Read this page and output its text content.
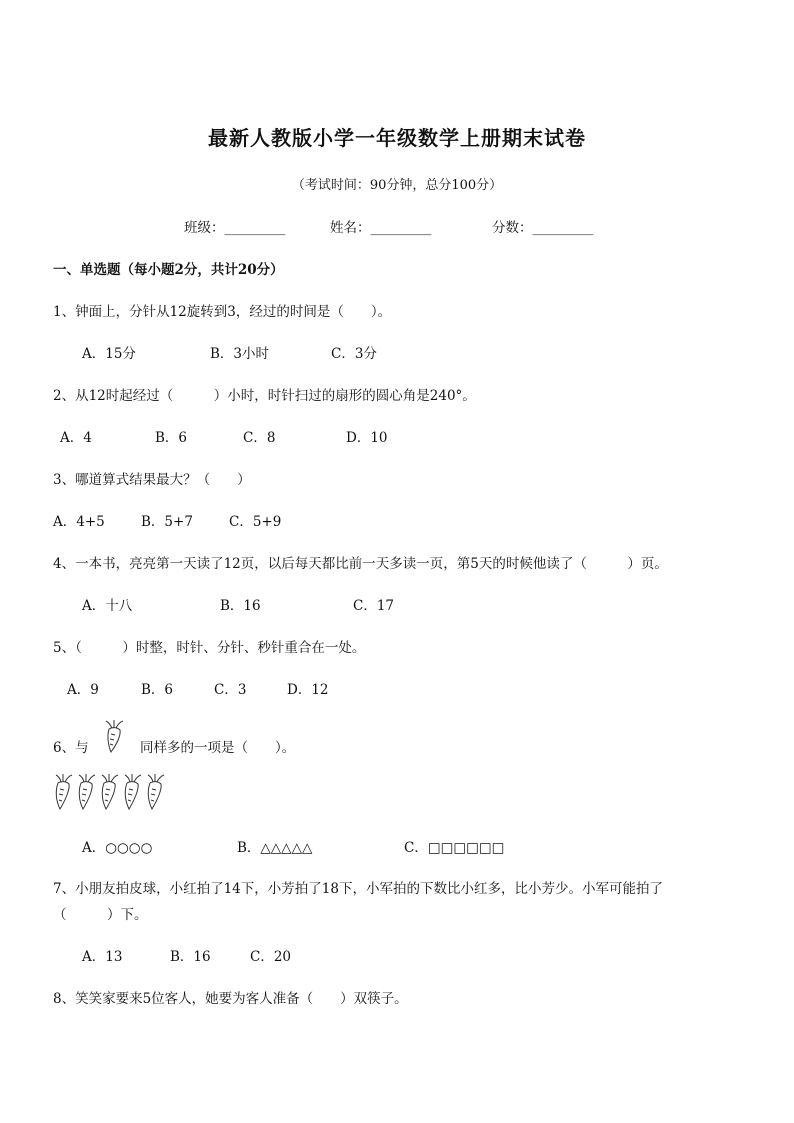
最新人教版小学一年级数学上册期末试卷
（考试时间：90分钟，总分100分）
班级：_________	姓名：_________	分数：_________
一、单选题（每小题2分，共计20分）
1、钟面上，分针从12旋转到3，经过的时间是（　　）。
A．15分	B．3小时	C．3分
2、从12时起经过（　　　）小时，时针扫过的扇形的圆心角是240°。
A．4	B．6	C．8	D．10
3、哪道算式结果最大？（　　）
A．4+5	B．5+7	C．5+9
4、一本书，亮亮第一天读了12页，以后每天都比前一天多读一页，第5天的时候他读了（　　　）页。
A．十八	B．16	C．17
5、（　　　）时整，时针、分针、秒针重合在一处。
A．9	B．6	C．3	D．12
6、与	同样多的一项是（　　）。
A．○○○○	B．△△△△△	C．□□□□□□
7、小朋友拍皮球，小红拍了14下，小芳拍了18下，小军拍的下数比小红多，比小芳少。小军可能拍了
（　　　）下。
A．13	B．16	C．20
8、笑笑家要来5位客人，她要为客人准备（　　）双筷子。
